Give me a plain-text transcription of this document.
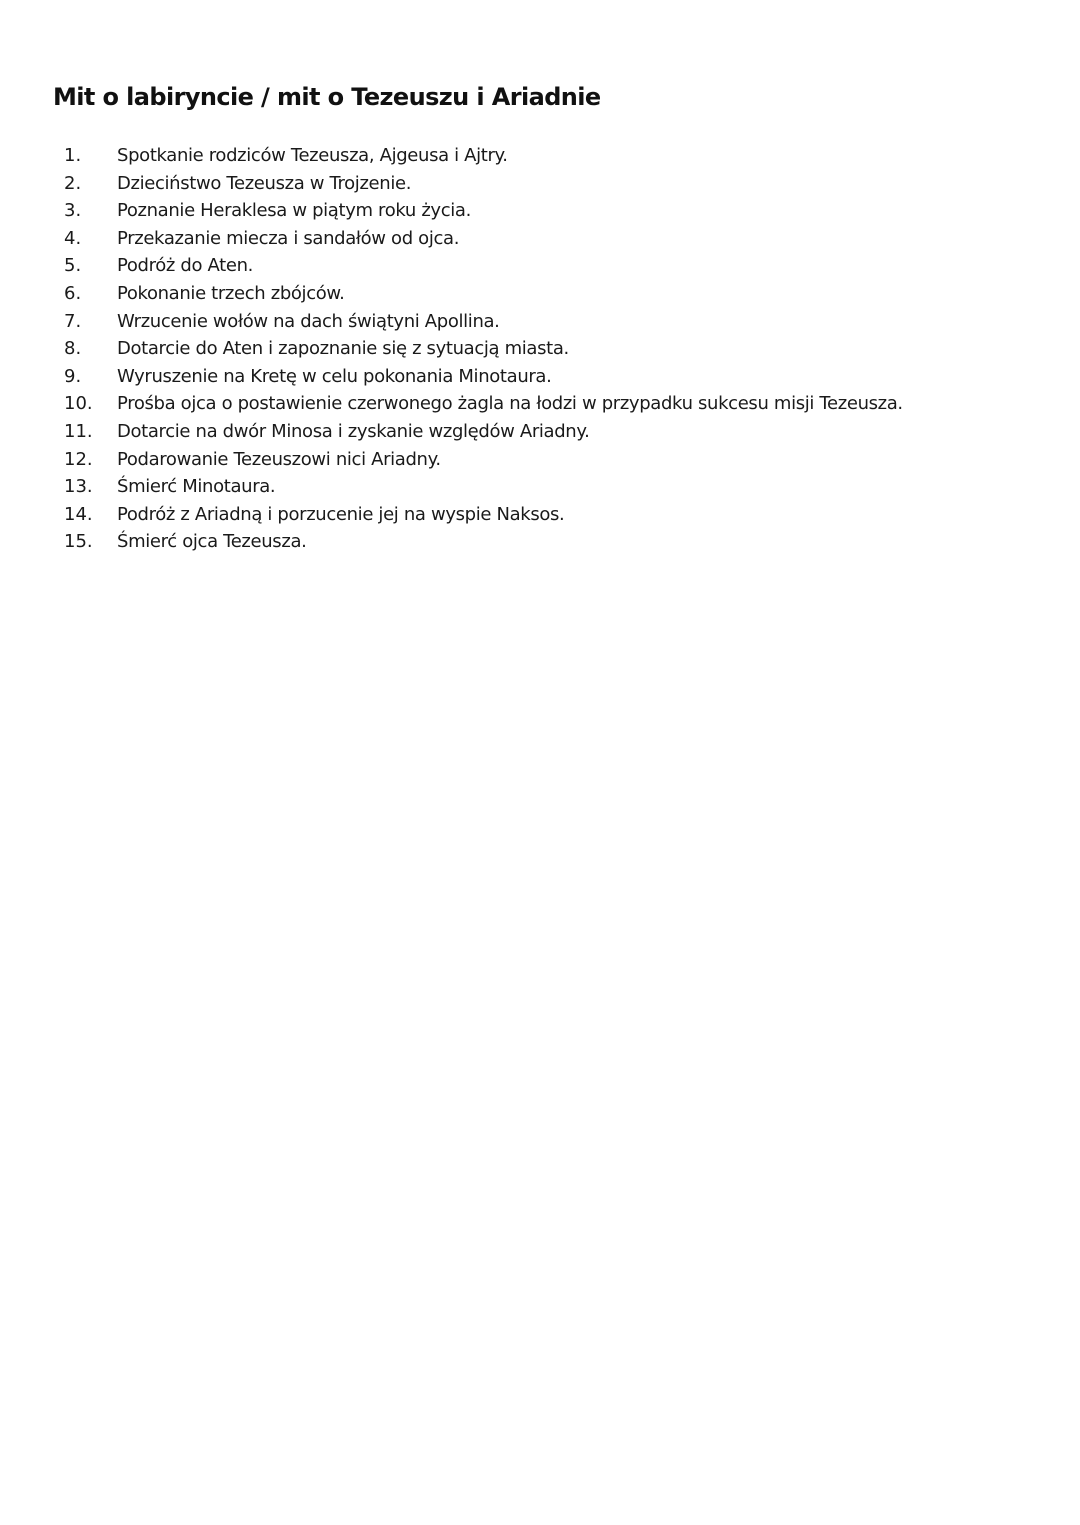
Mit o labiryncie / mit o Tezeuszu i Ariadnie
1. Spotkanie rodziców Tezeusza, Ajgeusa i Ajtry.
2. Dzieciństwo Tezeusza w Trojzenie.
3. Poznanie Heraklesa w piątym roku życia.
4. Przekazanie miecza i sandałów od ojca.
5. Podróż do Aten.
6. Pokonanie trzech zbójców.
7. Wrzucenie wołów na dach świątyni Apollina.
8. Dotarcie do Aten i zapoznanie się z sytuacją miasta.
9. Wyruszenie na Kretę w celu pokonania Minotaura.
10. Prośba ojca o postawienie czerwonego żagla na łodzi w przypadku sukcesu misji Tezeusza.
11. Dotarcie na dwór Minosa i zyskanie względów Ariadny.
12. Podarowanie Tezeuszowi nici Ariadny.
13. Śmierć Minotaura.
14. Podróż z Ariadną i porzucenie jej na wyspie Naksos.
15. Śmierć ojca Tezeusza.
